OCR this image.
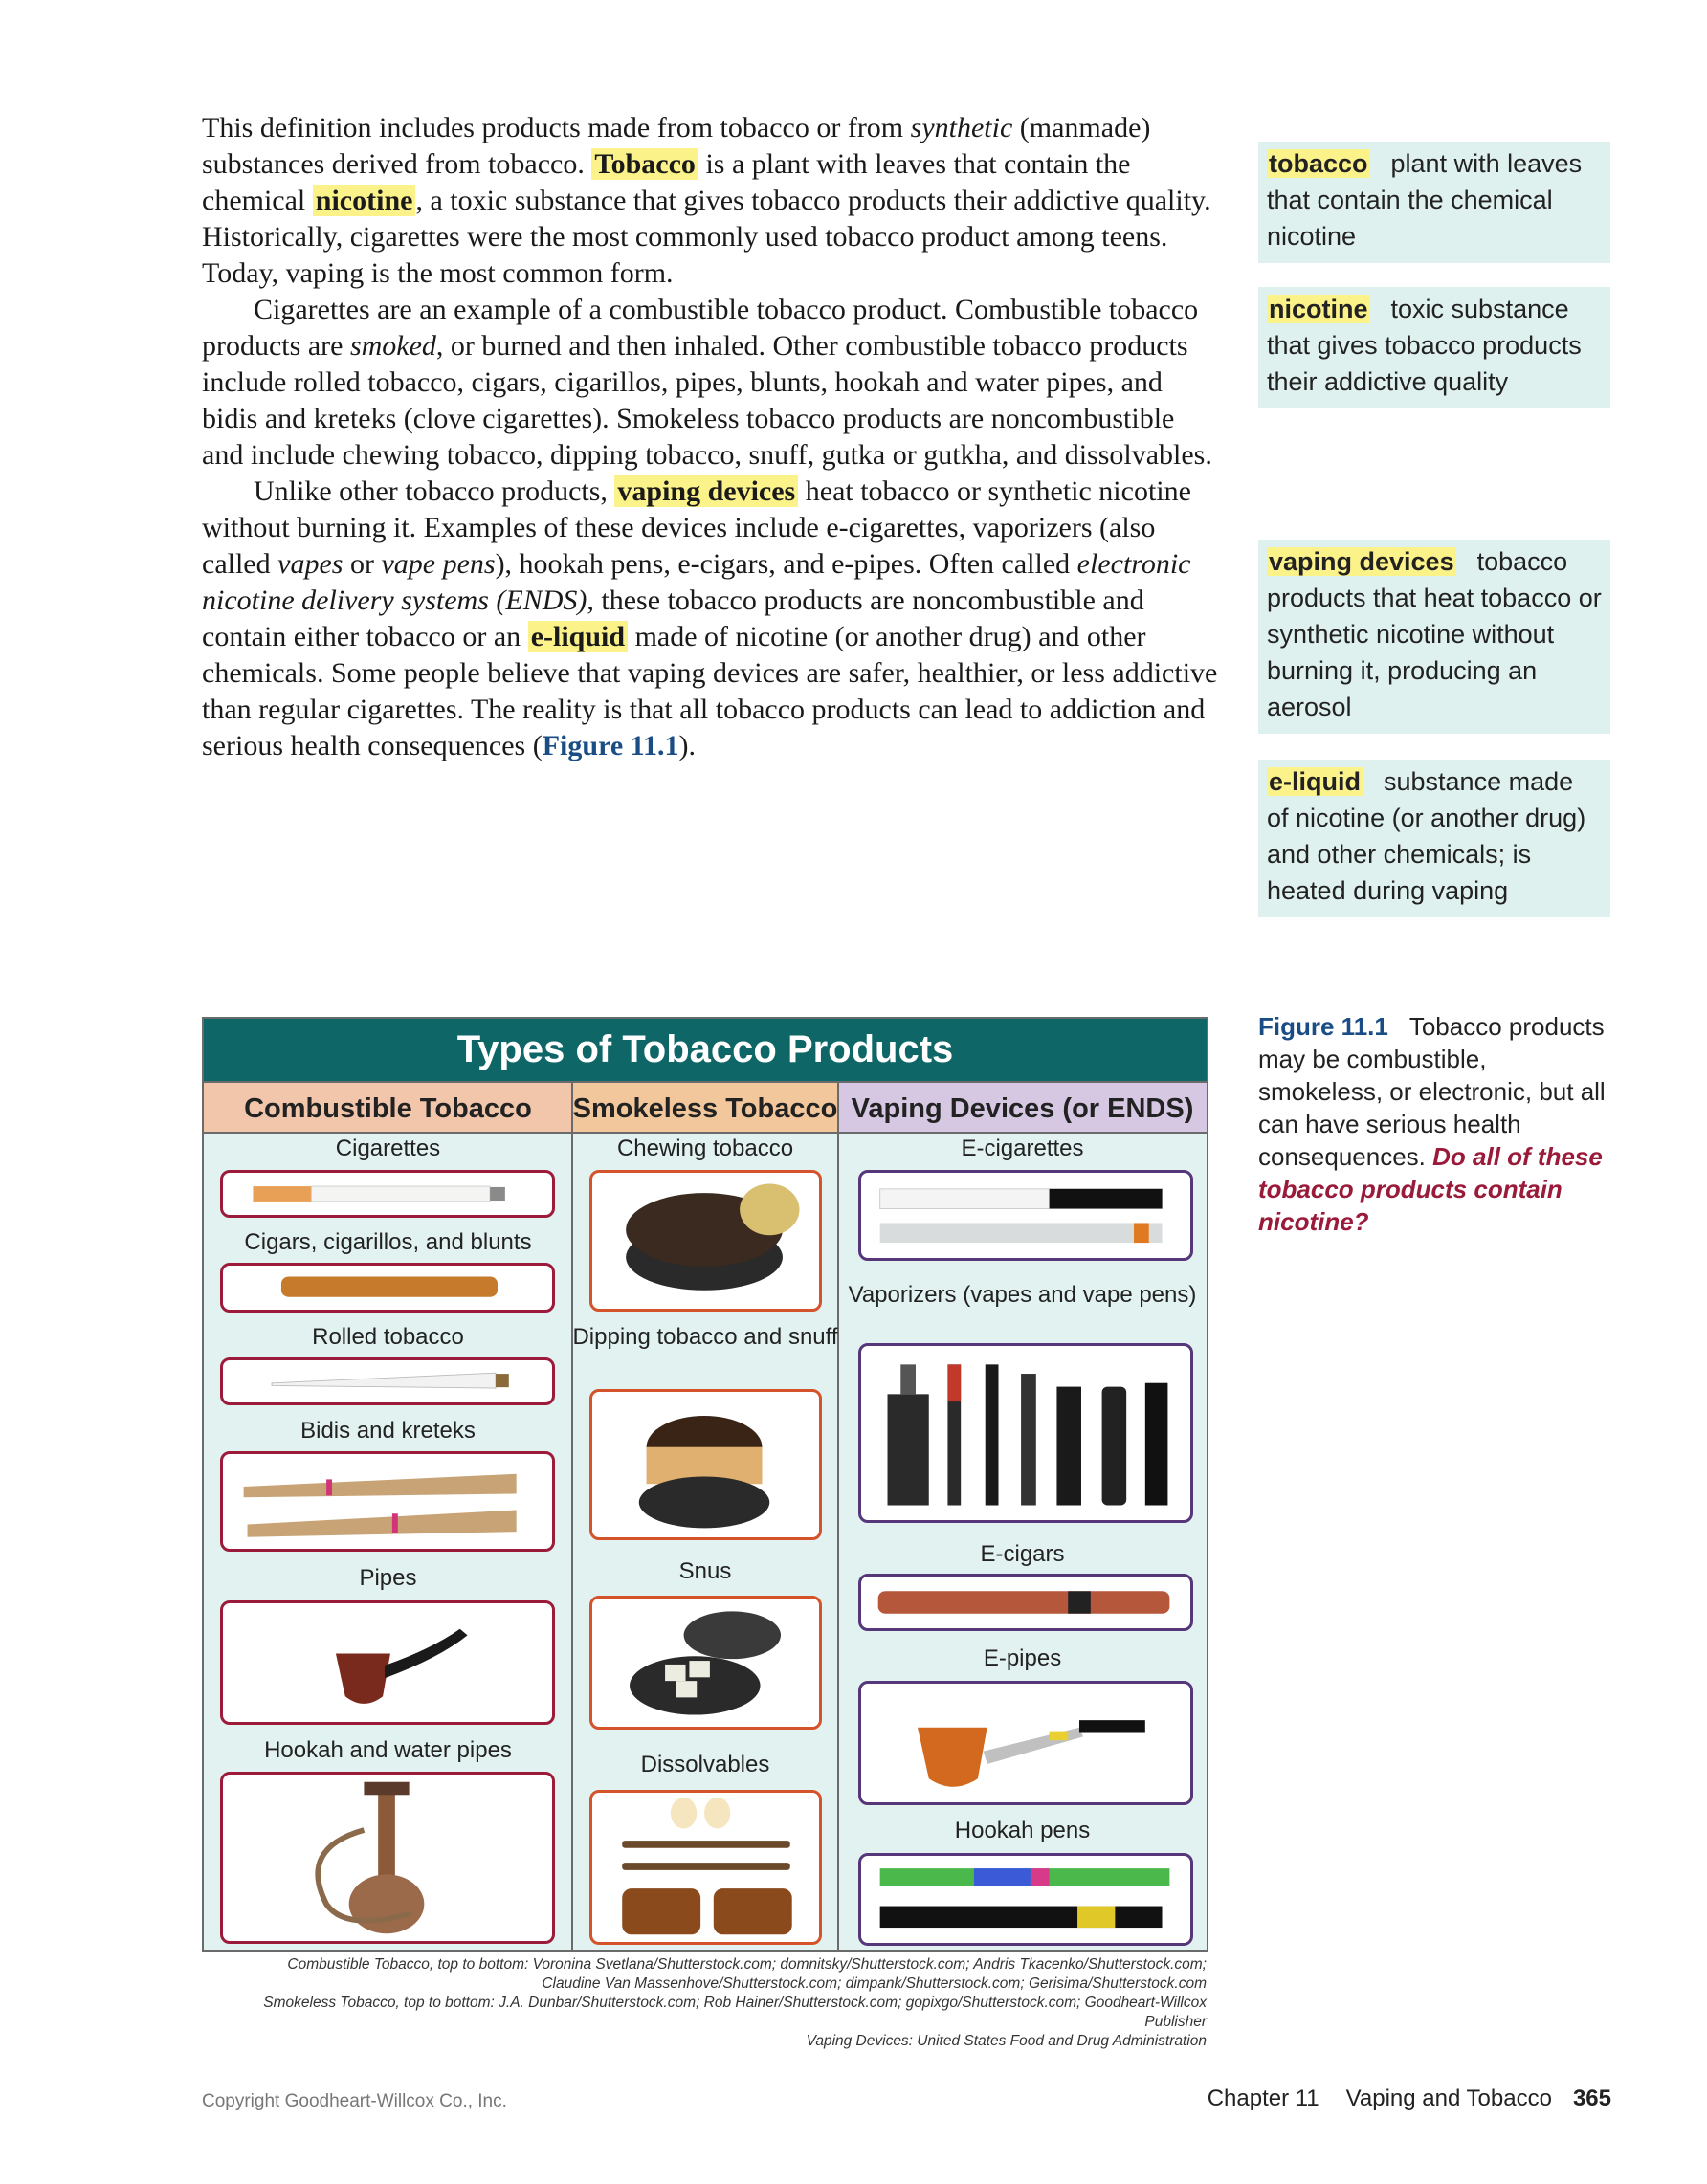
This definition includes products made from tobacco or from synthetic (manmade) substances derived from tobacco. Tobacco is a plant with leaves that contain the chemical nicotine , a toxic substance that gives tobacco products their addictive quality. Historically, cigarettes were the most commonly used tobacco product among teens. Today, vaping is the most common form.

Cigarettes are an example of a combustible tobacco product. Combustible tobacco products are smoked, or burned and then inhaled. Other combustible tobacco products include rolled tobacco, cigars, cigarillos, pipes, blunts, hookah and water pipes, and bidis and kreteks (clove cigarettes). Smokeless tobacco products are noncombustible and include chewing tobacco, dipping tobacco, snuff, gutka or gutkha, and dissolvables.

Unlike other tobacco products, vaping devices heat tobacco or synthetic nicotine without burning it. Examples of these devices include e-cigarettes, vaporizers (also called vapes or vape pens), hookah pens, e-cigars, and e-pipes. Often called electronic nicotine delivery systems (ENDS), these tobacco products are noncombustible and contain either tobacco or an e-liquid made of nicotine (or another drug) and other chemicals. Some people believe that vaping devices are safer, healthier, or less addictive than regular cigarettes. The reality is that all tobacco products can lead to addiction and serious health consequences (Figure 11.1).

tobacco plant with leaves that contain the chemical nicotine
nicotine toxic substance that gives tobacco products their addictive quality
vaping devices tobacco products that heat tobacco or synthetic nicotine without burning it, producing an aerosol
e-liquid substance made of nicotine (or another drug) and other chemicals; is heated during vaping
Figure 11.1 Tobacco products may be combustible, smokeless, or electronic, but all can have serious health consequences. Do all of these tobacco products contain nicotine?
Types of Tobacco Products
Combustible Tobacco	Smokeless Tobacco Vaping Devices (or ENDS)
Cigarettes
Cigars, cigarillos, and blunts
Rolled tobacco
Bidis and kreteks
Pipes
Hookah and water pipes
Chewing tobacco
Dipping tobacco and snuff
Snus
Dissolvables
E-cigarettes
Vaporizers (vapes and vape pens)
E-cigars
E-pipes
Hookah pens
Combustible Tobacco, top to bottom: Voronina Svetlana/Shutterstock.com; domnitsky/Shutterstock.com; Andris Tkacenko/Shutterstock.com;
Claudine Van Massenhove/Shutterstock.com; dimpank/Shutterstock.com; Gerisima/Shutterstock.com
Smokeless Tobacco, top to bottom: J.A. Dunbar/Shutterstock.com; Rob Hainer/Shutterstock.com; gopixgo/Shutterstock.com; Goodheart-Willcox Publisher
Vaping Devices: United States Food and Drug Administration
Copyright Goodheart-Willcox Co., Inc.	Chapter 11 Vaping and Tobacco 365
